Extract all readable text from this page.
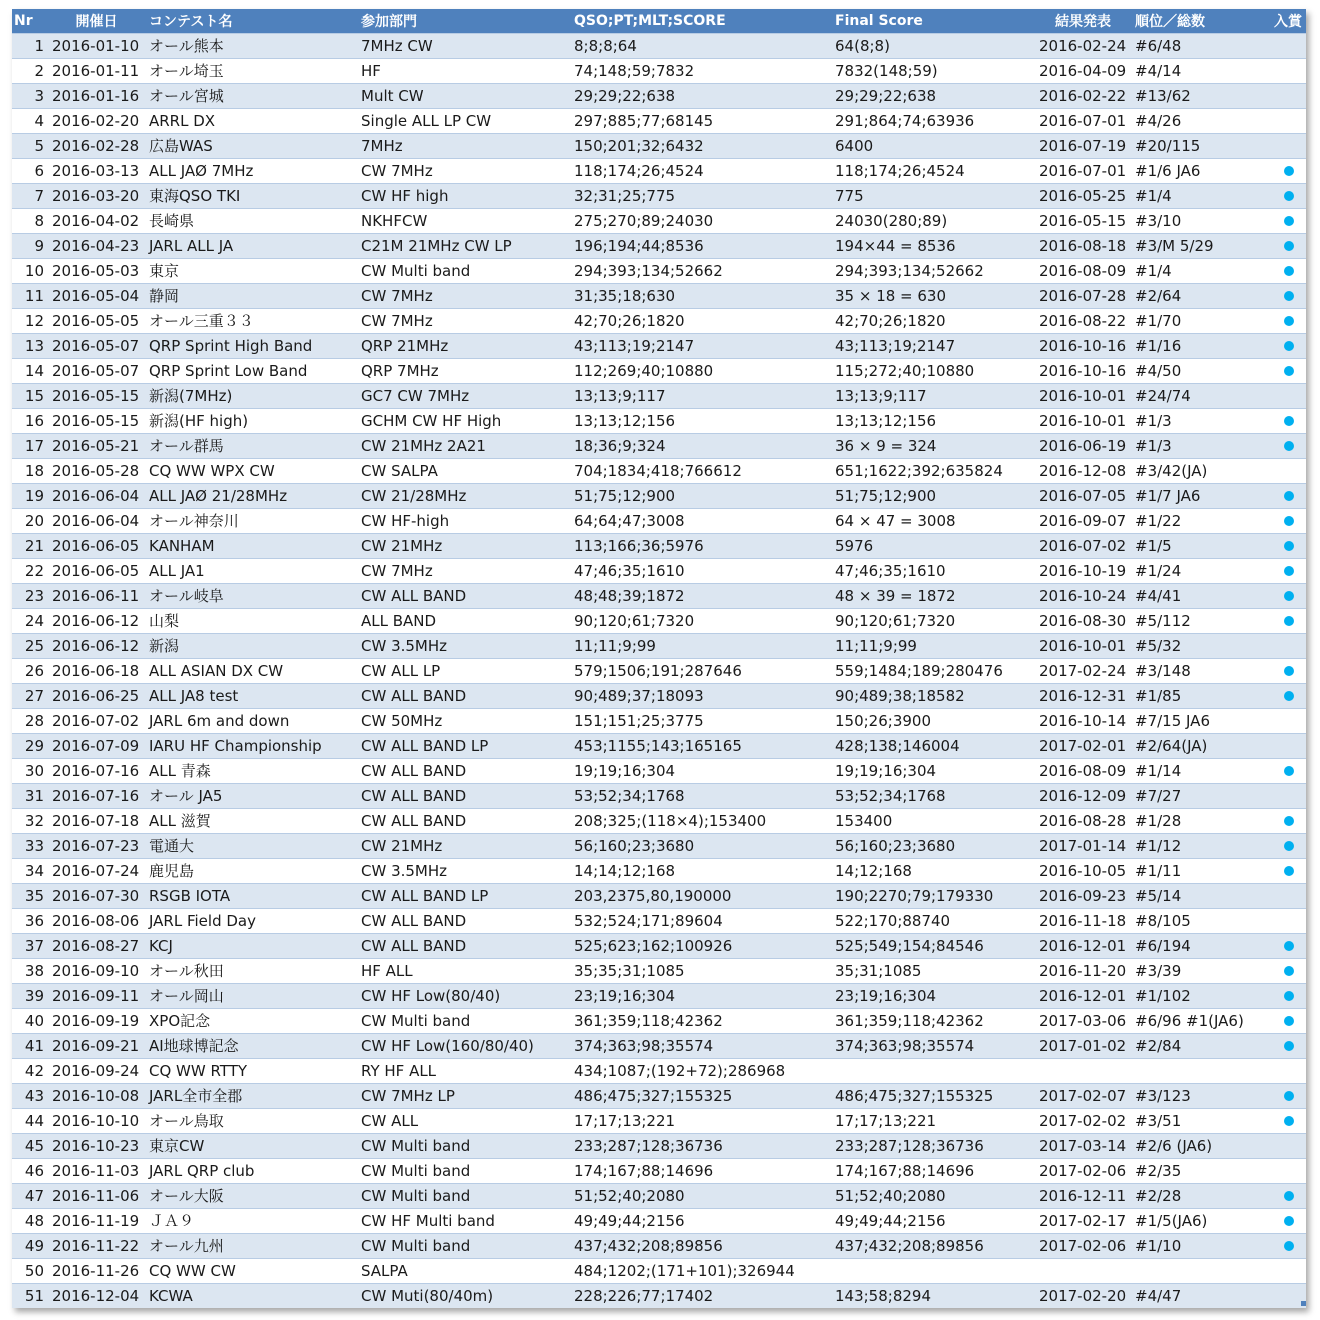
Nr	開催日	コンテスト名	参加部門	QSO;PT;MLT;SCORE	Final Score	結果発表	順位／総数	入賞
1	2016-01-10	オール熊本	7MHz CW	8;8;8;64	64(8;8)	2016-02-24	#6/48	
2	2016-01-11	オール埼玉	HF	74;148;59;7832	7832(148;59)	2016-04-09	#4/14	
3	2016-01-16	オール宮城	Mult CW	29;29;22;638	29;29;22;638	2016-02-22	#13/62	
4	2016-02-20	ARRL DX	Single ALL LP CW	297;885;77;68145	291;864;74;63936	2016-07-01	#4/26	
5	2016-02-28	広島WAS	7MHz	150;201;32;6432	6400	2016-07-19	#20/115	
6	2016-03-13	ALL JAØ 7MHz	CW 7MHz	118;174;26;4524	118;174;26;4524	2016-07-01	#1/6 JA6	
7	2016-03-20	東海QSO TKI	CW HF high	32;31;25;775	775	2016-05-25	#1/4	
8	2016-04-02	長崎県	NKHFCW	275;270;89;24030	24030(280;89)	2016-05-15	#3/10	
9	2016-04-23	JARL ALL JA	C21M 21MHz CW LP	196;194;44;8536	194×44 = 8536	2016-08-18	#3/M 5/29	
10	2016-05-03	東京	CW Multi band	294;393;134;52662	294;393;134;52662	2016-08-09	#1/4	
11	2016-05-04	静岡	CW 7MHz	31;35;18;630	35 × 18 = 630	2016-07-28	#2/64	
12	2016-05-05	オール三重３３	CW 7MHz	42;70;26;1820	42;70;26;1820	2016-08-22	#1/70	
13	2016-05-07	QRP Sprint High Band	QRP 21MHz	43;113;19;2147	43;113;19;2147	2016-10-16	#1/16	
14	2016-05-07	QRP Sprint Low Band	QRP 7MHz	112;269;40;10880	115;272;40;10880	2016-10-16	#4/50	
15	2016-05-15	新潟(7MHz)	GC7 CW 7MHz	13;13;9;117	13;13;9;117	2016-10-01	#24/74	
16	2016-05-15	新潟(HF high)	GCHM CW HF High	13;13;12;156	13;13;12;156	2016-10-01	#1/3	
17	2016-05-21	オール群馬	CW 21MHz 2A21	18;36;9;324	36 × 9 = 324	2016-06-19	#1/3	
18	2016-05-28	CQ WW WPX CW	CW SALPA	704;1834;418;766612	651;1622;392;635824	2016-12-08	#3/42(JA)	
19	2016-06-04	ALL JAØ 21/28MHz	CW 21/28MHz	51;75;12;900	51;75;12;900	2016-07-05	#1/7 JA6	
20	2016-06-04	オール神奈川	CW HF-high	64;64;47;3008	64 × 47 = 3008	2016-09-07	#1/22	
21	2016-06-05	KANHAM	CW 21MHz	113;166;36;5976	5976	2016-07-02	#1/5	
22	2016-06-05	ALL JA1	CW 7MHz	47;46;35;1610	47;46;35;1610	2016-10-19	#1/24	
23	2016-06-11	オール岐阜	CW ALL BAND	48;48;39;1872	48 × 39 = 1872	2016-10-24	#4/41	
24	2016-06-12	山梨	ALL BAND	90;120;61;7320	90;120;61;7320	2016-08-30	#5/112	
25	2016-06-12	新潟	CW 3.5MHz	11;11;9;99	11;11;9;99	2016-10-01	#5/32	
26	2016-06-18	ALL ASIAN DX CW	CW ALL LP	579;1506;191;287646	559;1484;189;280476	2017-02-24	#3/148	
27	2016-06-25	ALL JA8 test	CW ALL BAND	90;489;37;18093	90;489;38;18582	2016-12-31	#1/85	
28	2016-07-02	JARL 6m and down	CW 50MHz	151;151;25;3775	150;26;3900	2016-10-14	#7/15 JA6	
29	2016-07-09	IARU HF Championship	CW ALL BAND LP	453;1155;143;165165	428;138;146004	2017-02-01	#2/64(JA)	
30	2016-07-16	ALL 青森	CW ALL BAND	19;19;16;304	19;19;16;304	2016-08-09	#1/14	
31	2016-07-16	オール JA5	CW ALL BAND	53;52;34;1768	53;52;34;1768	2016-12-09	#7/27	
32	2016-07-18	ALL 滋賀	CW ALL BAND	208;325;(118×4);153400	153400	2016-08-28	#1/28	
33	2016-07-23	電通大	CW 21MHz	56;160;23;3680	56;160;23;3680	2017-01-14	#1/12	
34	2016-07-24	鹿児島	CW 3.5MHz	14;14;12;168	14;12;168	2016-10-05	#1/11	
35	2016-07-30	RSGB IOTA	CW ALL BAND LP	203,2375,80,190000	190;2270;79;179330	2016-09-23	#5/14	
36	2016-08-06	JARL Field Day	CW ALL BAND	532;524;171;89604	522;170;88740	2016-11-18	#8/105	
37	2016-08-27	KCJ	CW ALL BAND	525;623;162;100926	525;549;154;84546	2016-12-01	#6/194	
38	2016-09-10	オール秋田	HF ALL	35;35;31;1085	35;31;1085	2016-11-20	#3/39	
39	2016-09-11	オール岡山	CW HF Low(80/40)	23;19;16;304	23;19;16;304	2016-12-01	#1/102	
40	2016-09-19	XPO記念	CW Multi band	361;359;118;42362	361;359;118;42362	2017-03-06	#6/96 #1(JA6)	
41	2016-09-21	AI地球博記念	CW HF Low(160/80/40)	374;363;98;35574	374;363;98;35574	2017-01-02	#2/84	
42	2016-09-24	CQ WW RTTY	RY HF ALL	434;1087;(192+72);286968				
43	2016-10-08	JARL全市全郡	CW 7MHz LP	486;475;327;155325	486;475;327;155325	2017-02-07	#3/123	
44	2016-10-10	オール鳥取	CW ALL	17;17;13;221	17;17;13;221	2017-02-02	#3/51	
45	2016-10-23	東京CW	CW Multi band	233;287;128;36736	233;287;128;36736	2017-03-14	#2/6 (JA6)	
46	2016-11-03	JARL QRP club	CW Multi band	174;167;88;14696	174;167;88;14696	2017-02-06	#2/35	
47	2016-11-06	オール大阪	CW Multi band	51;52;40;2080	51;52;40;2080	2016-12-11	#2/28	
48	2016-11-19	ＪＡ９	CW HF Multi band	49;49;44;2156	49;49;44;2156	2017-02-17	#1/5(JA6)	
49	2016-11-22	オール九州	CW Multi band	437;432;208;89856	437;432;208;89856	2017-02-06	#1/10	
50	2016-11-26	CQ WW CW	SALPA	484;1202;(171+101);326944				
51	2016-12-04	KCWA	CW Muti(80/40m)	228;226;77;17402	143;58;8294	2017-02-20	#4/47	
